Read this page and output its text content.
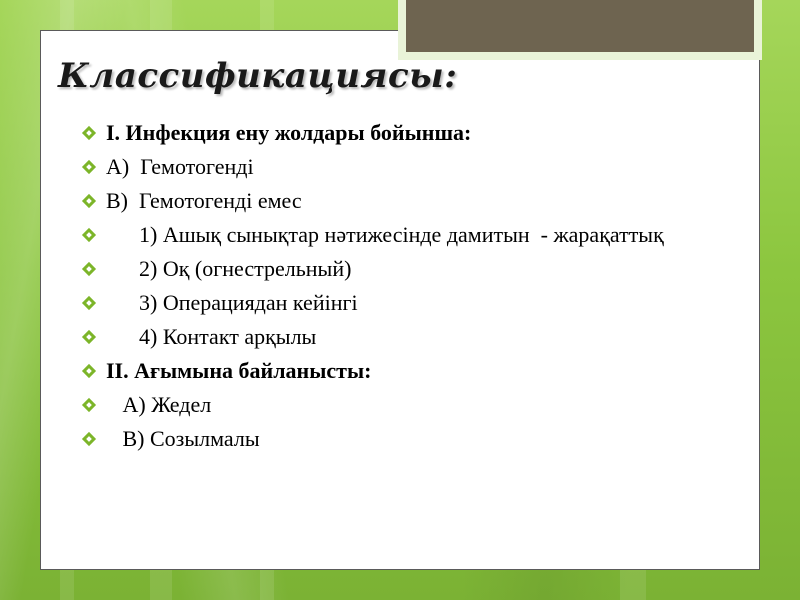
Классификациясы:
I. Инфекция ену жолдары бойынша:
А)  Гемотогенді
В)  Гемотогенді емес
1) Ашық сынықтар нәтижесінде дамитын  - жарақаттық
2) Оқ (огнестрельный)
3) Операциядан кейінгі
4) Контакт арқылы
II. Ағымына байланысты:
А) Жедел
В) Созылмалы
